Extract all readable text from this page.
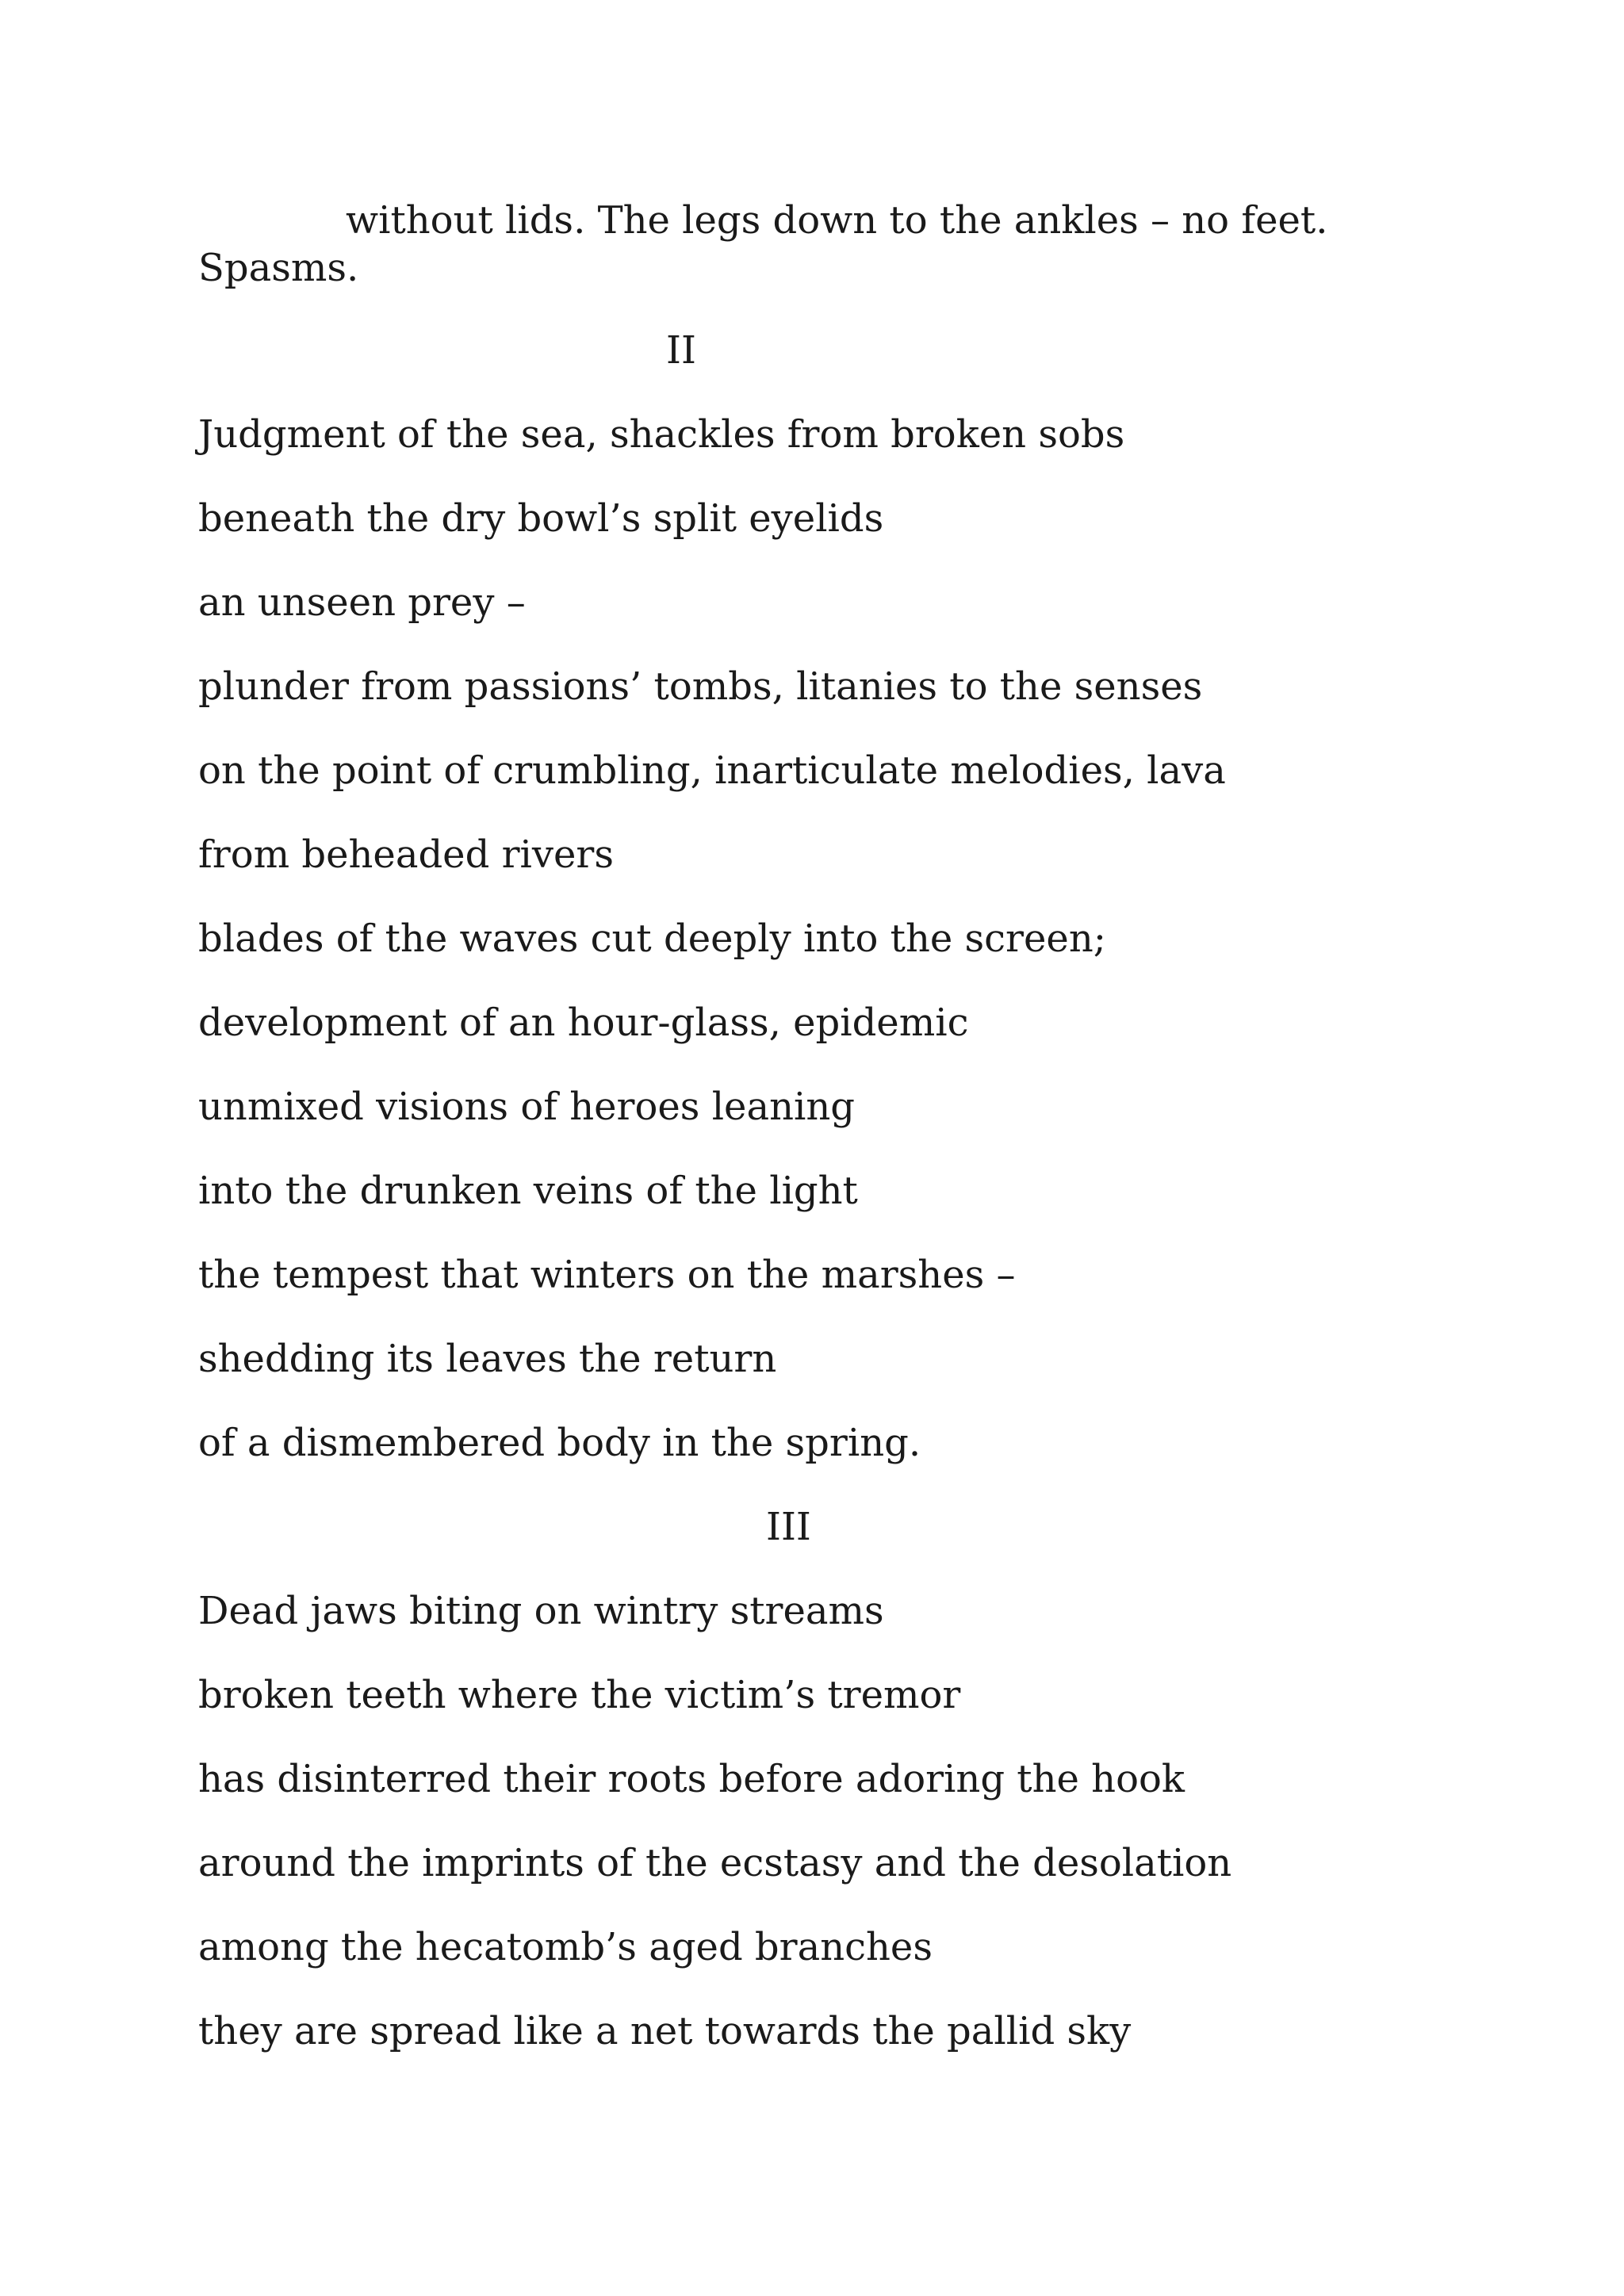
without lids. The legs down to the ankles – no feet.
Spasms.
II
Judgment of the sea, shackles from broken sobs
beneath the dry bowl’s split eyelids
an unseen prey –
plunder from passions’ tombs, litanies to the senses
on the point of crumbling, inarticulate melodies, lava
from beheaded rivers
blades of the waves cut deeply into the screen;
development of an hour-glass, epidemic
unmixed visions of heroes leaning
into the drunken veins of the light
the tempest that winters on the marshes –
shedding its leaves the return
of a dismembered body in the spring.
III
Dead jaws biting on wintry streams
broken teeth where the victim’s tremor
has disinterred their roots before adoring the hook
around the imprints of the ecstasy and the desolation
among the hecatomb’s aged branches
they are spread like a net towards the pallid sky
